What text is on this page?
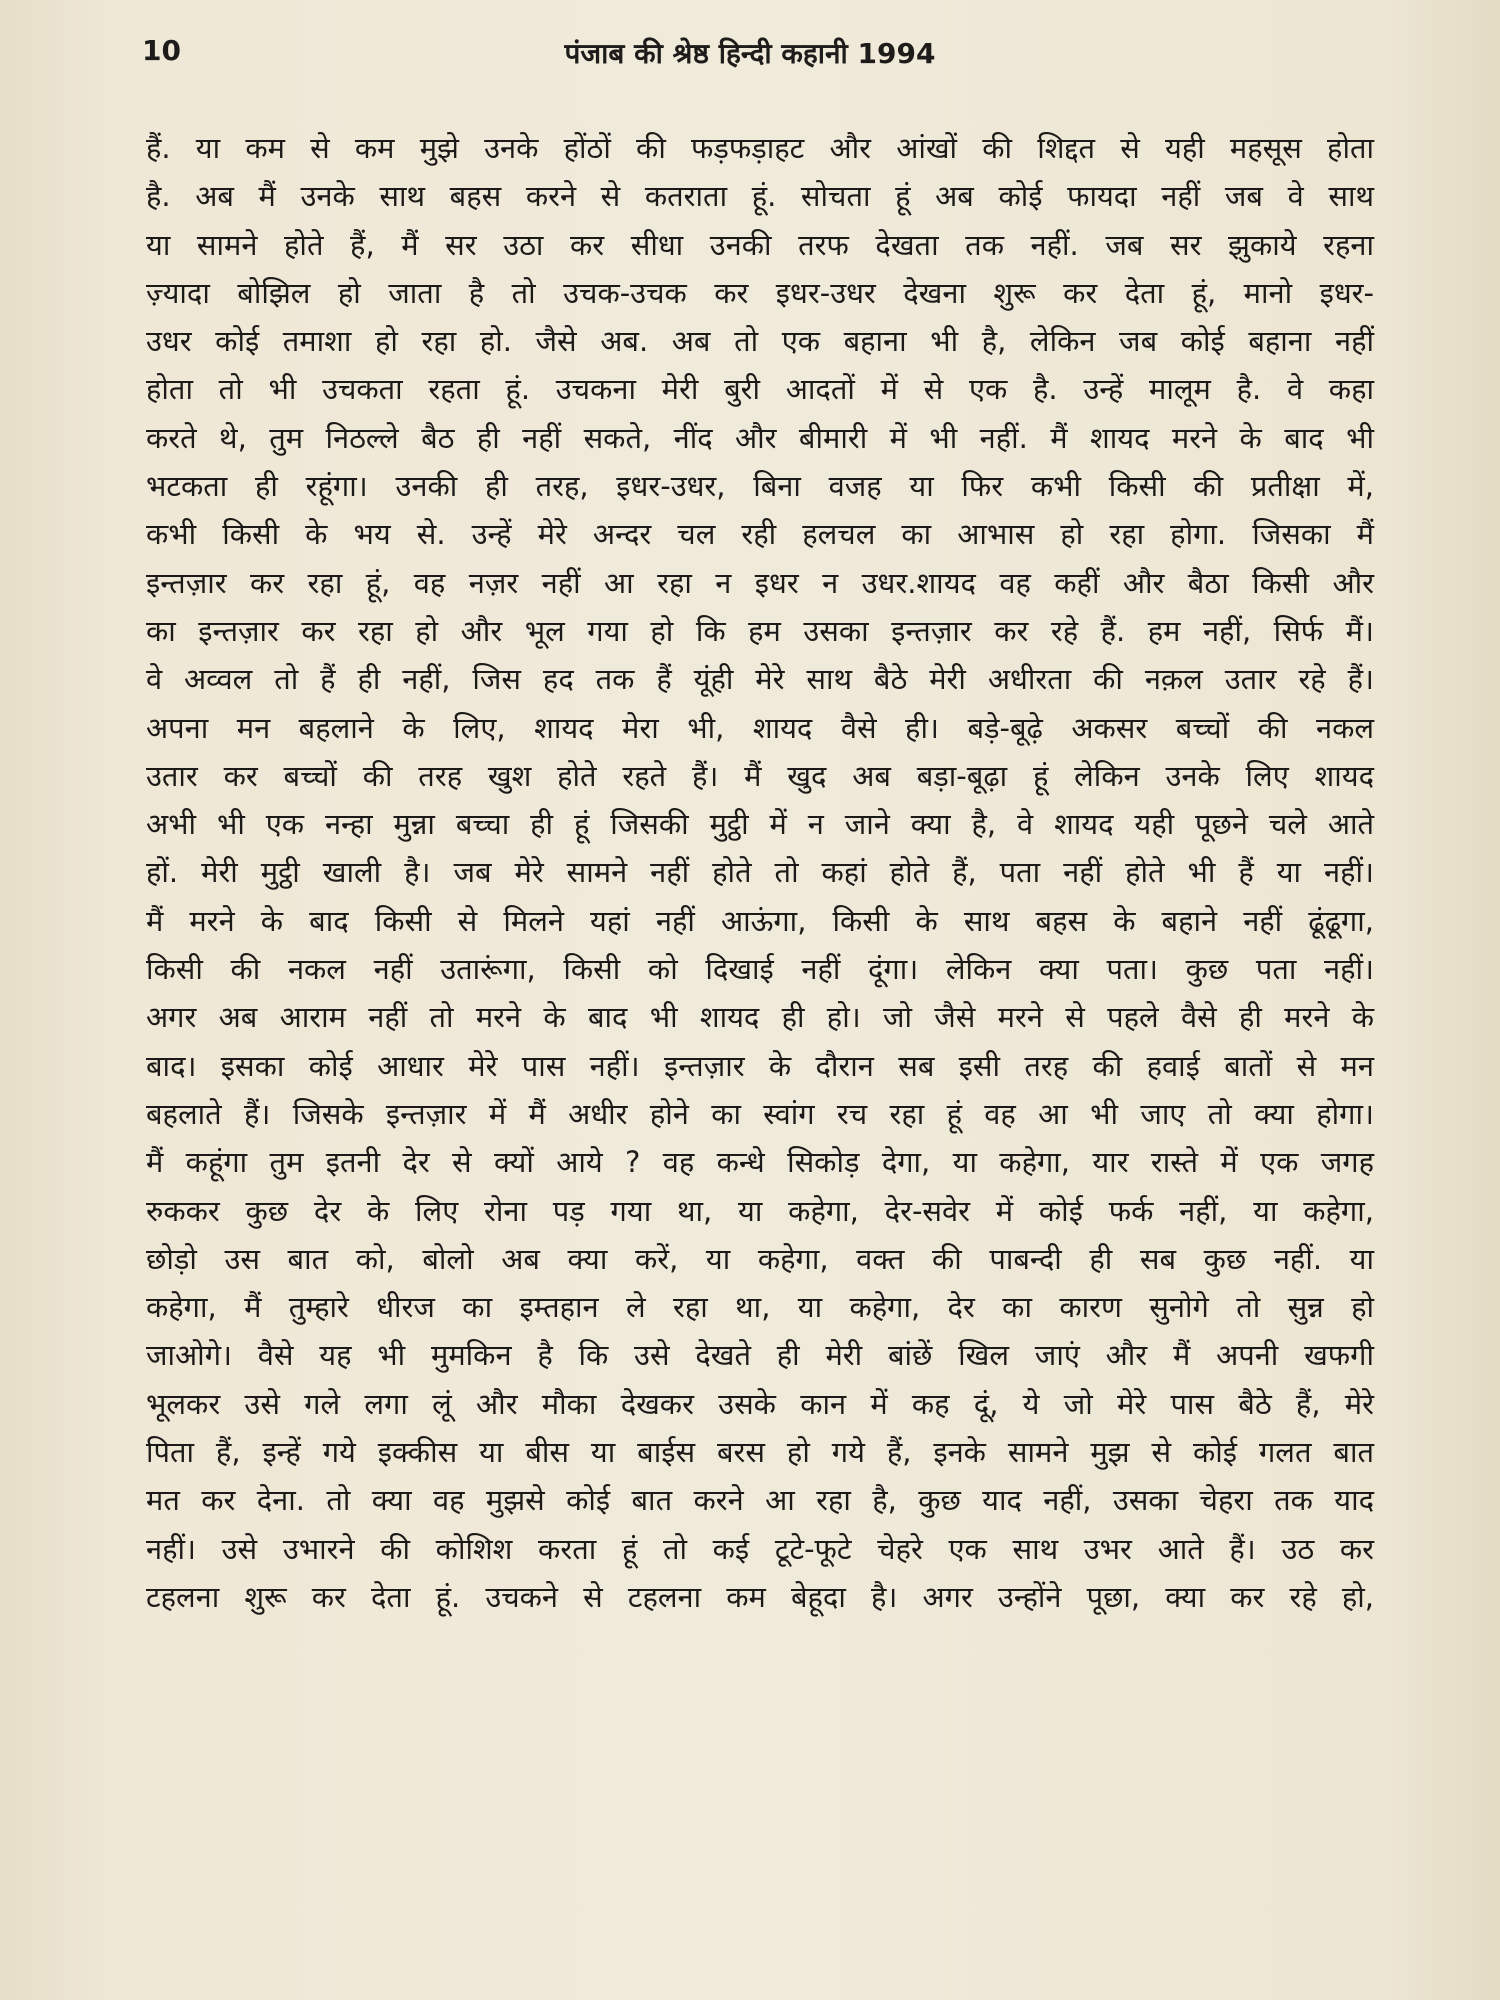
10	पंजाब की श्रेष्ठ हिन्दी कहानी 1994
हैं. या कम से कम मुझे उनके होंठों की फड़फड़ाहट और आंखों की शिद्दत से यही महसूस होता
है. अब मैं उनके साथ बहस करने से कतराता हूं. सोचता हूं अब कोई फायदा नहीं जब वे साथ
या सामने होते हैं, मैं सर उठा कर सीधा उनकी तरफ देखता तक नहीं. जब सर झुकाये रहना
ज़्यादा बोझिल हो जाता है तो उचक-उचक कर इधर-उधर देखना शुरू कर देता हूं, मानो इधर-
उधर कोई तमाशा हो रहा हो. जैसे अब. अब तो एक बहाना भी है, लेकिन जब कोई बहाना नहीं
होता तो भी उचकता रहता हूं. उचकना मेरी बुरी आदतों में से एक है. उन्हें मालूम है. वे कहा
करते थे, तुम निठल्ले बैठ ही नहीं सकते, नींद और बीमारी में भी नहीं. मैं शायद मरने के बाद भी
भटकता ही रहूंगा। उनकी ही तरह, इधर-उधर, बिना वजह या फिर कभी किसी की प्रतीक्षा में,
कभी किसी के भय से. उन्हें मेरे अन्दर चल रही हलचल का आभास हो रहा होगा. जिसका मैं
इन्तज़ार कर रहा हूं, वह नज़र नहीं आ रहा न इधर न उधर.शायद वह कहीं और बैठा किसी और
का इन्तज़ार कर रहा हो और भूल गया हो कि हम उसका इन्तज़ार कर रहे हैं. हम नहीं, सिर्फ मैं।
वे अव्वल तो हैं ही नहीं, जिस हद तक हैं यूंही मेरे साथ बैठे मेरी अधीरता की नक़ल उतार रहे हैं।
अपना मन बहलाने के लिए, शायद मेरा भी, शायद वैसे ही। बड़े-बूढ़े अकसर बच्चों की नकल
उतार कर बच्चों की तरह खुश होते रहते हैं। मैं खुद अब बड़ा-बूढ़ा हूं लेकिन उनके लिए शायद
अभी भी एक नन्हा मुन्ना बच्चा ही हूं जिसकी मुट्ठी में न जाने क्या है, वे शायद यही पूछने चले आते
हों. मेरी मुट्ठी खाली है। जब मेरे सामने नहीं होते तो कहां होते हैं, पता नहीं होते भी हैं या नहीं।
मैं मरने के बाद किसी से मिलने यहां नहीं आऊंगा, किसी के साथ बहस के बहाने नहीं ढूंढूगा,
किसी की नकल नहीं उतारूंगा, किसी को दिखाई नहीं दूंगा। लेकिन क्या पता। कुछ पता नहीं।
अगर अब आराम नहीं तो मरने के बाद भी शायद ही हो। जो जैसे मरने से पहले वैसे ही मरने के
बाद। इसका कोई आधार मेरे पास नहीं। इन्तज़ार के दौरान सब इसी तरह की हवाई बातों से मन
बहलाते हैं। जिसके इन्तज़ार में मैं अधीर होने का स्वांग रच रहा हूं वह आ भी जाए तो क्या होगा।
मैं कहूंगा तुम इतनी देर से क्यों आये ? वह कन्धे सिकोड़ देगा, या कहेगा, यार रास्ते में एक जगह
रुककर कुछ देर के लिए रोना पड़ गया था, या कहेगा, देर-सवेर में कोई फर्क नहीं, या कहेगा,
छोड़ो उस बात को, बोलो अब क्या करें, या कहेगा, वक्त की पाबन्दी ही सब कुछ नहीं. या
कहेगा, मैं तुम्हारे धीरज का इम्तहान ले रहा था, या कहेगा, देर का कारण सुनोगे तो सुन्न हो
जाओगे। वैसे यह भी मुमकिन है कि उसे देखते ही मेरी बांछें खिल जाएं और मैं अपनी खफगी
भूलकर उसे गले लगा लूं और मौका देखकर उसके कान में कह दूं, ये जो मेरे पास बैठे हैं, मेरे
पिता हैं, इन्हें गये इक्कीस या बीस या बाईस बरस हो गये हैं, इनके सामने मुझ से कोई गलत बात
मत कर देना. तो क्या वह मुझसे कोई बात करने आ रहा है, कुछ याद नहीं, उसका चेहरा तक याद
नहीं। उसे उभारने की कोशिश करता हूं तो कई टूटे-फूटे चेहरे एक साथ उभर आते हैं। उठ कर
टहलना शुरू कर देता हूं. उचकने से टहलना कम बेहूदा है। अगर उन्होंने पूछा, क्या कर रहे हो,
